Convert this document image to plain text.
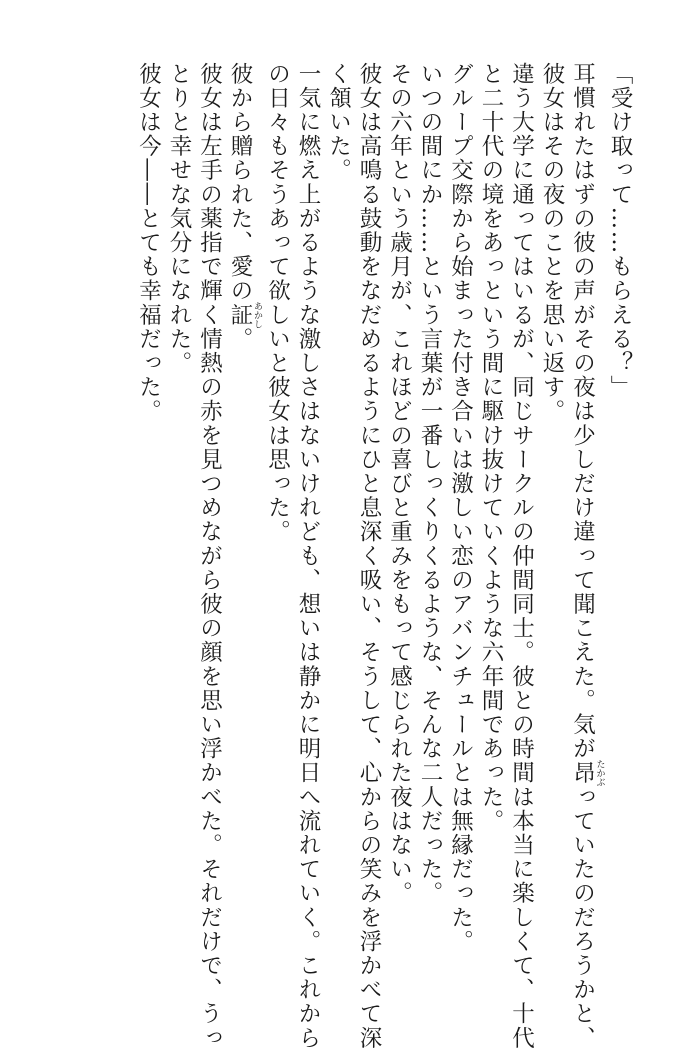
「受け取って……もらえる？」
耳慣れたはずの彼の声がその夜は少しだけ違って聞こえた。気が昂 たかぶっていたのだろうかと、
彼女はその夜のことを思い返す。
違う大学に通ってはいるが、同じサークルの仲間同士。彼との時間は本当に楽しくて、十代
と二十代の境をあっという間に駆け抜けていくような六年間であった。
グループ交際から始まった付き合いは激しい恋のアバンチュールとは無縁だった。
いつの間にか……という言葉が一番しっくりくるような、そんな二人だった。
その六年という歳月が、これほどの喜びと重みをもって感じられた夜はない。
彼女は高鳴る鼓動をなだめるようにひと息深く吸い、そうして、心からの笑みを浮かべて深
く頷いた。
一気に燃え上がるような激しさはないけれども、想いは静かに明日へ流れていく。これから
の日々もそうあって欲しいと彼女は思った。
彼から贈られた、愛の証 あかし。
彼女は左手の薬指で輝く情熱の赤を見つめながら彼の顔を思い浮かべた。それだけで、うっ
とりと幸せな気分になれた。
彼女は今――とても幸福だった。
